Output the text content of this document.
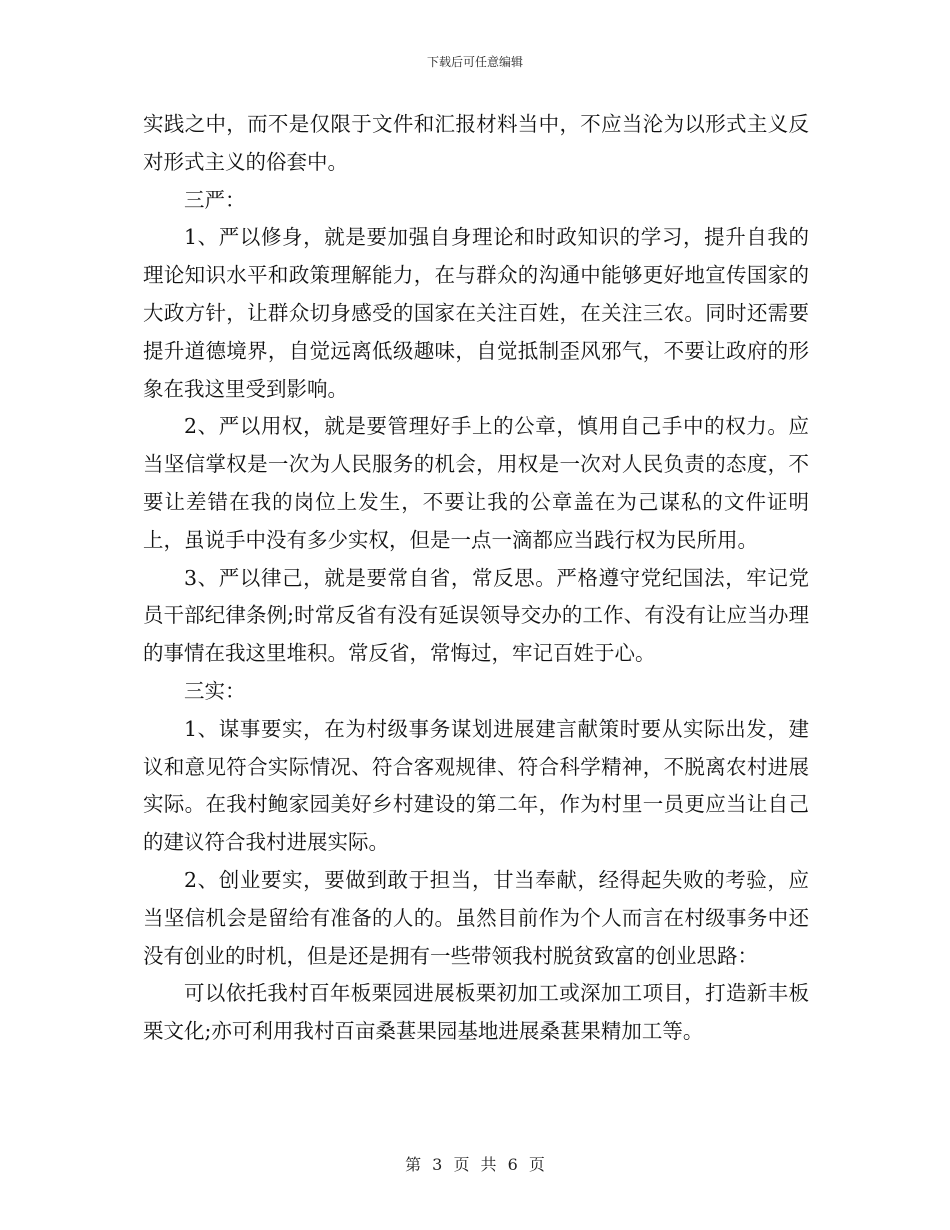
下载后可任意编辑

实践之中，而不是仅限于文件和汇报材料当中，不应当沦为以形式主义反对形式主义的俗套中。

三严：

1、严以修身，就是要加强自身理论和时政知识的学习，提升自我的理论知识水平和政策理解能力，在与群众的沟通中能够更好地宣传国家的大政方针，让群众切身感受的国家在关注百姓，在关注三农。同时还需要提升道德境界，自觉远离低级趣味，自觉抵制歪风邪气，不要让政府的形象在我这里受到影响。

2、严以用权，就是要管理好手上的公章，慎用自己手中的权力。应当坚信掌权是一次为人民服务的机会，用权是一次对人民负责的态度，不要让差错在我的岗位上发生，不要让我的公章盖在为己谋私的文件证明上，虽说手中没有多少实权，但是一点一滴都应当践行权为民所用。

3、严以律己，就是要常自省，常反思。严格遵守党纪国法，牢记党员干部纪律条例;时常反省有没有延误领导交办的工作、有没有让应当办理的事情在我这里堆积。常反省，常悔过，牢记百姓于心。

三实：

1、谋事要实，在为村级事务谋划进展建言献策时要从实际出发，建议和意见符合实际情况、符合客观规律、符合科学精神，不脱离农村进展实际。在我村鲍家园美好乡村建设的第二年，作为村里一员更应当让自己的建议符合我村进展实际。

2、创业要实，要做到敢于担当，甘当奉献，经得起失败的考验，应当坚信机会是留给有准备的人的。虽然目前作为个人而言在村级事务中还没有创业的时机，但是还是拥有一些带领我村脱贫致富的创业思路：

可以依托我村百年板栗园进展板栗初加工或深加工项目，打造新丰板栗文化;亦可利用我村百亩桑葚果园基地进展桑葚果精加工等。

第 3 页 共 6 页
